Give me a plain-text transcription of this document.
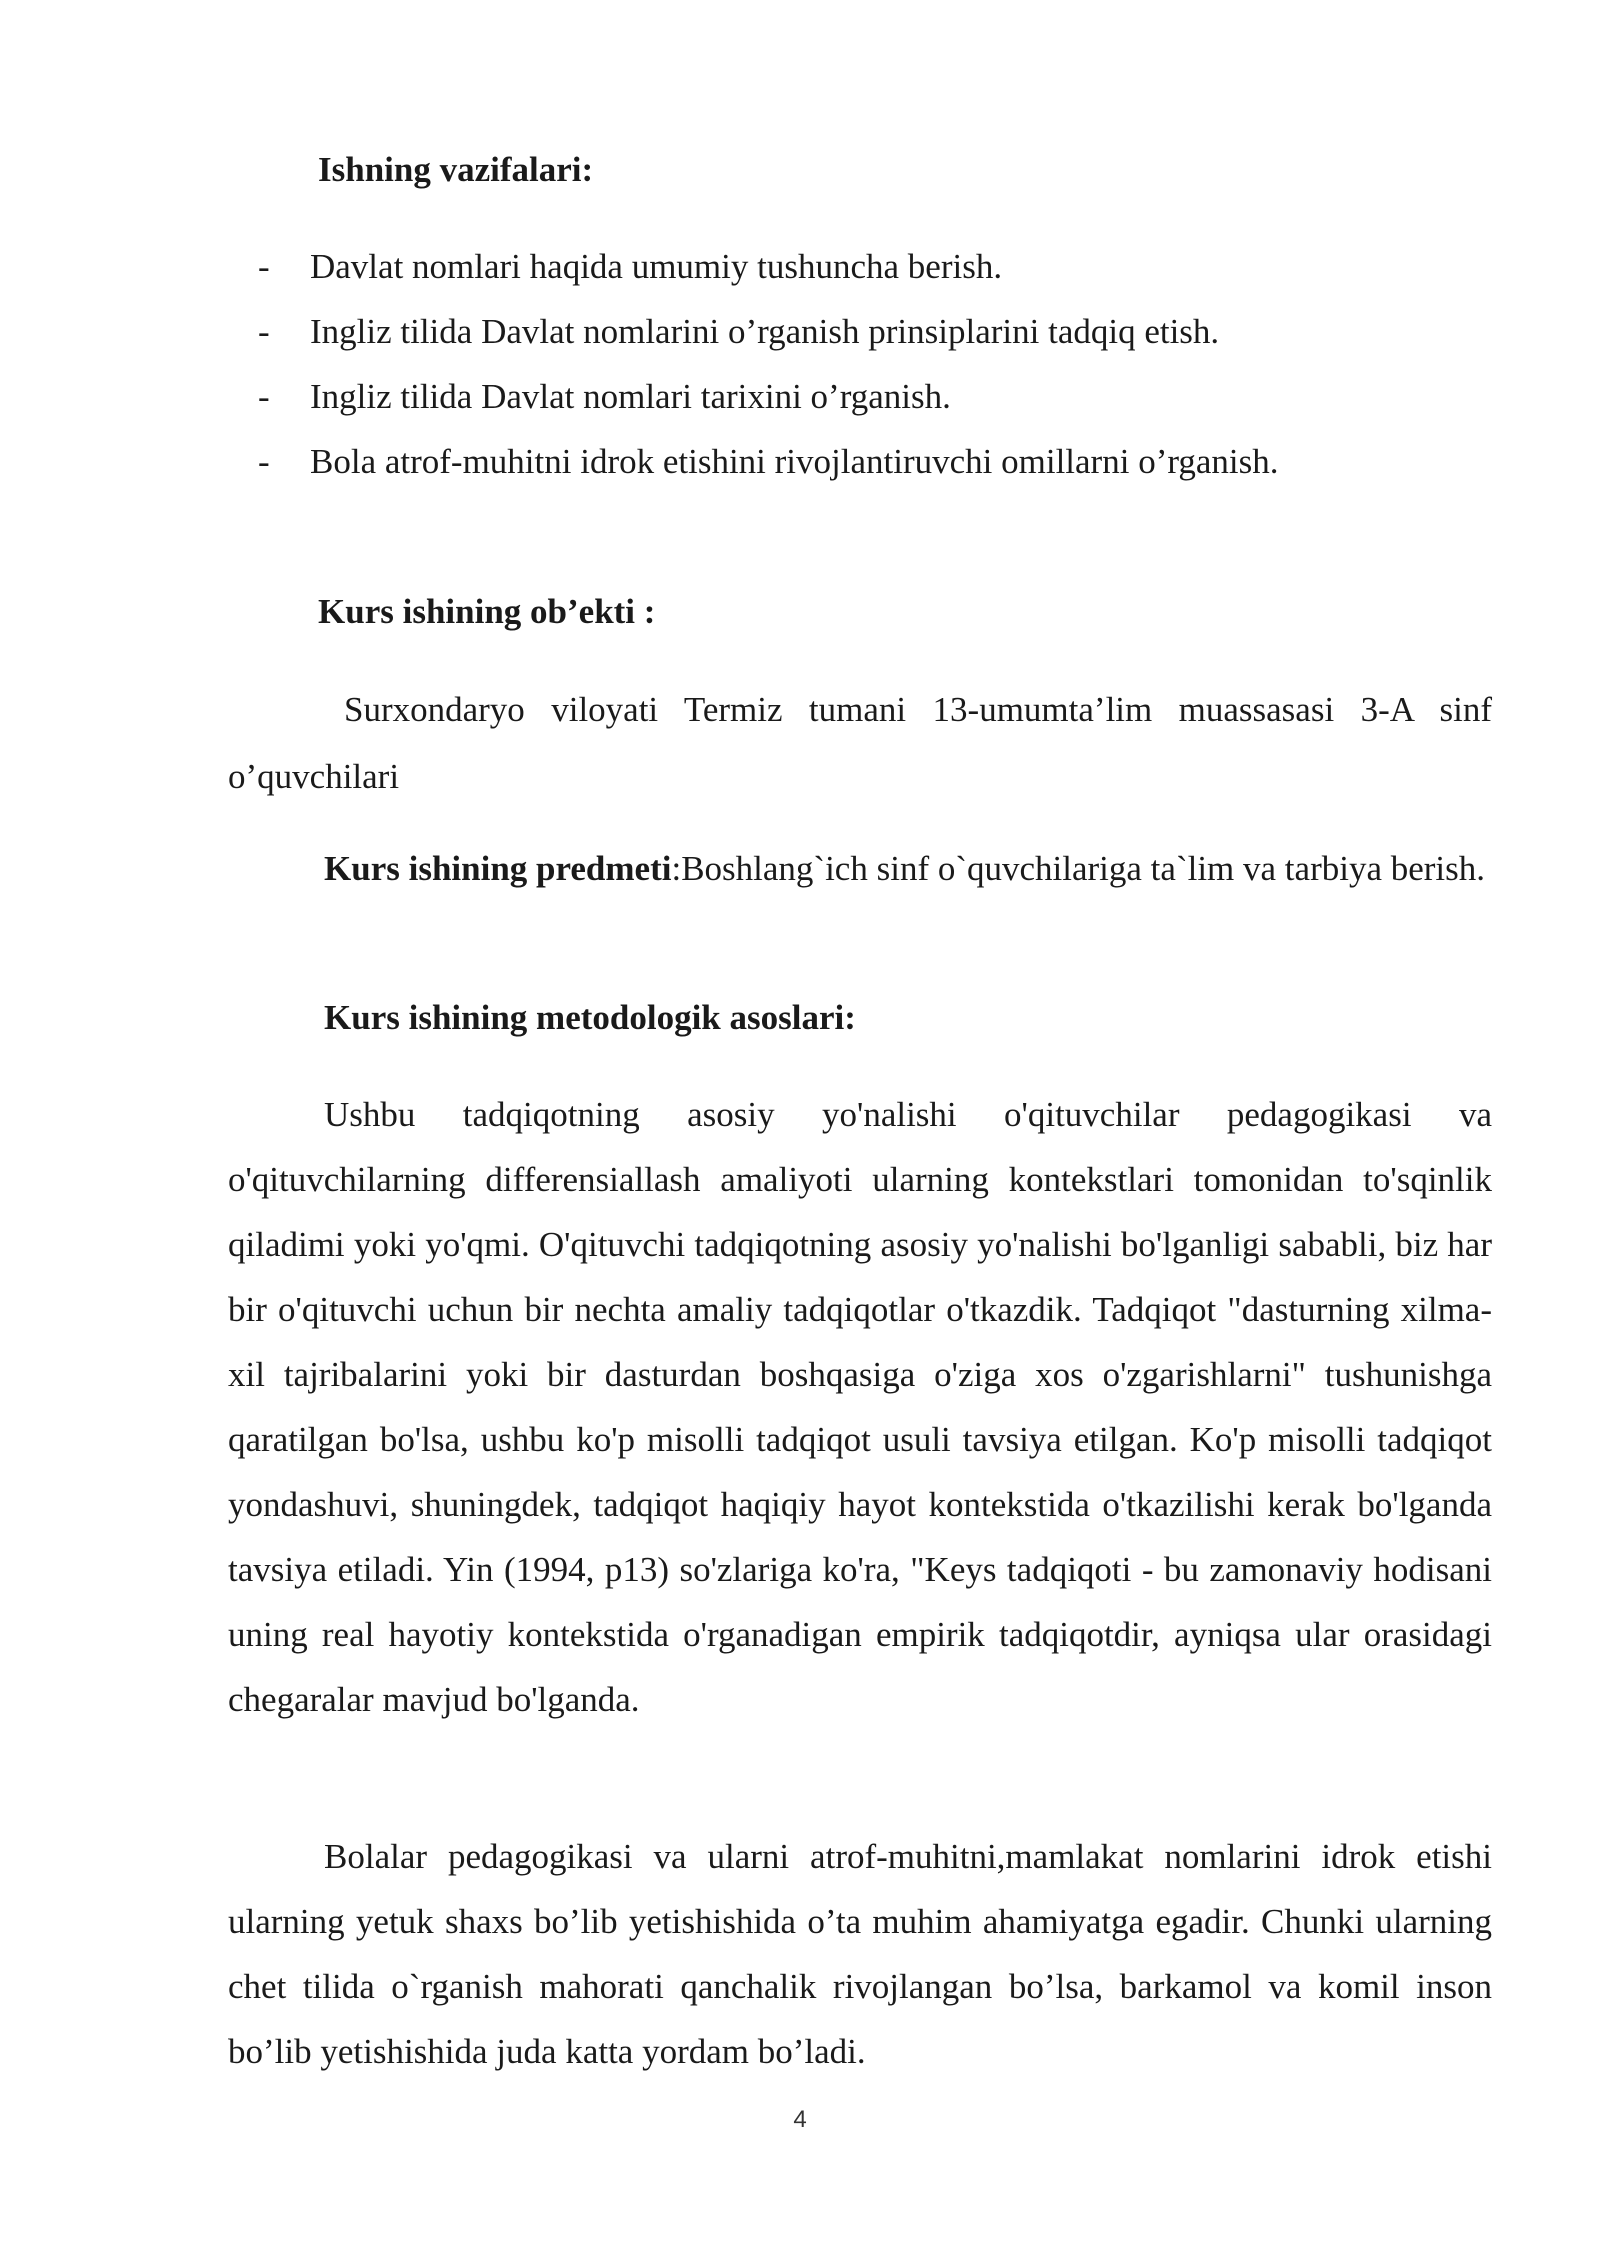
Ishning vazifalari:
- Davlat nomlari haqida umumiy tushuncha berish.
- Ingliz tilida Davlat nomlarini o’rganish prinsiplarini tadqiq etish.
- Ingliz tilida Davlat nomlari tarixini o’rganish.
- Bola atrof-muhitni idrok etishini rivojlantiruvchi omillarni o’rganish.
Kurs ishining ob’ekti :
Surxondaryo viloyati Termiz tumani 13-umumta’lim muassasasi 3-A sinf
o’quvchilari

Kurs ishining predmeti:Boshlang`ich sinf o`quvchilariga ta`lim va tarbiya berish.

Kurs ishining metodologik asoslari:

Ushbu tadqiqotning asosiy yo'nalishi o'qituvchilar pedagogikasi va o'qituvchilarning differensiallash amaliyoti ularning kontekstlari tomonidan to'sqinlik qiladimi yoki yo'qmi. O'qituvchi tadqiqotning asosiy yo'nalishi bo'lganligi sababli, biz har bir o'qituvchi uchun bir nechta amaliy tadqiqotlar o'tkazdik. Tadqiqot "dasturning xilma-xil tajribalarini yoki bir dasturdan boshqasiga o'ziga xos o'zgarishlarni" tushunishga qaratilgan bo'lsa, ushbu ko'p misolli tadqiqot usuli tavsiya etilgan. Ko'p misolli tadqiqot yondashuvi, shuningdek, tadqiqot haqiqiy hayot kontekstida o'tkazilishi kerak bo'lganda tavsiya etiladi. Yin (1994, p13) so'zlariga ko'ra, "Keys tadqiqoti - bu zamonaviy hodisani uning real hayotiy kontekstida o'rganadigan empirik tadqiqotdir, ayniqsa ular orasidagi chegaralar mavjud bo'lganda.

Bolalar pedagogikasi va ularni atrof-muhitni,mamlakat nomlarini idrok etishi ularning yetuk shaxs bo’lib yetishishida o’ta muhim ahamiyatga egadir. Chunki ularning chet tilida o`rganish mahorati qanchalik rivojlangan bo’lsa, barkamol va komil inson bo’lib yetishishida juda katta yordam bo’ladi.

4
